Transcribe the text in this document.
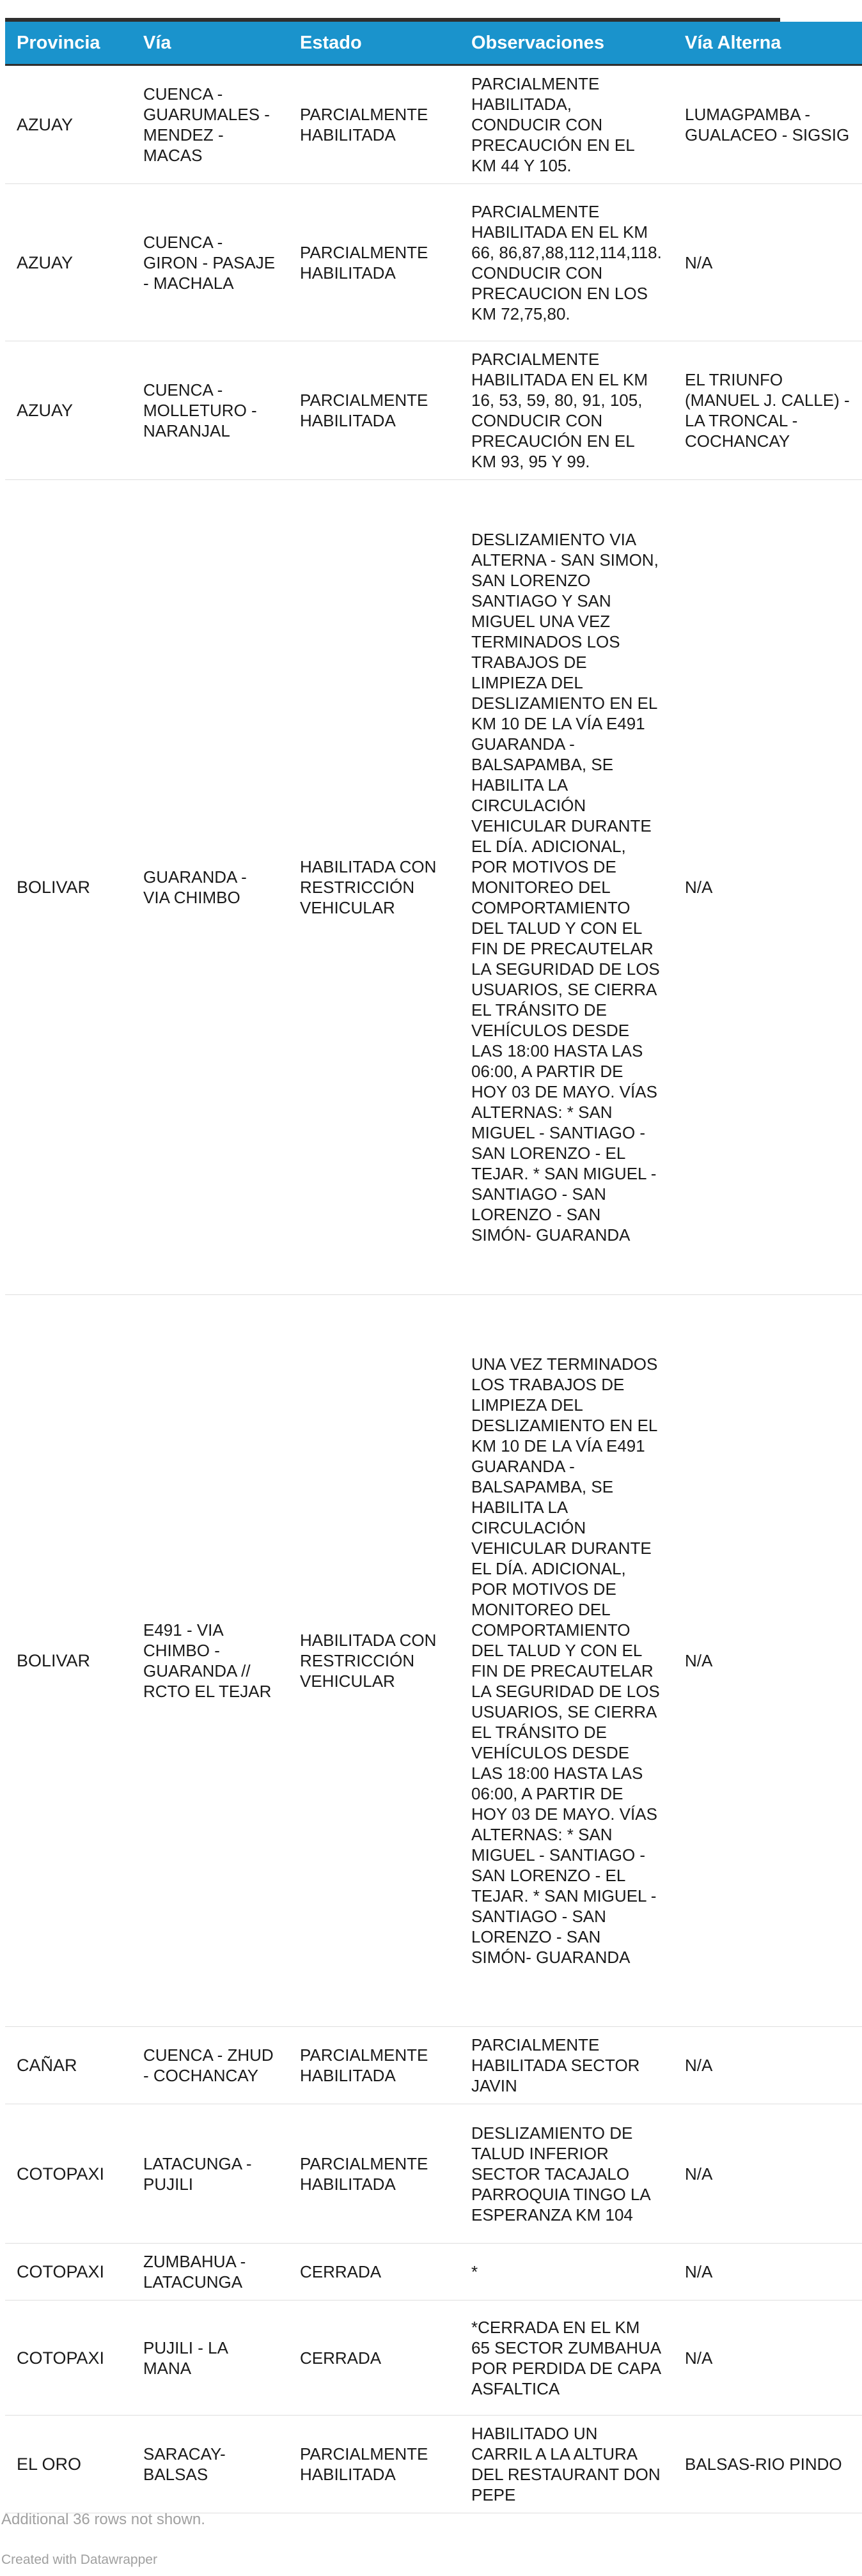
Provincia	Vía	Estado	Observaciones	Vía Alterna
AZUAY	CUENCA - GUARUMALES - MENDEZ - MACAS	PARCIALMENTE HABILITADA	PARCIALMENTE HABILITADA, CONDUCIR CON PRECAUCIÓN EN EL KM 44 Y 105.	LUMAGPAMBA - GUALACEO - SIGSIG
AZUAY	CUENCA - GIRON - PASAJE - MACHALA	PARCIALMENTE HABILITADA	PARCIALMENTE HABILITADA EN EL KM 66, 86,87,88,112,114,118. CONDUCIR CON PRECAUCION EN LOS KM 72,75,80.	N/A
AZUAY	CUENCA - MOLLETURO - NARANJAL	PARCIALMENTE HABILITADA	PARCIALMENTE HABILITADA EN EL KM 16, 53, 59, 80, 91, 105, CONDUCIR CON PRECAUCIÓN EN EL KM 93, 95 Y 99.	EL TRIUNFO (MANUEL J. CALLE) - LA TRONCAL - COCHANCAY
BOLIVAR	GUARANDA - VIA CHIMBO	HABILITADA CON RESTRICCIÓN VEHICULAR	DESLIZAMIENTO VIA ALTERNA - SAN SIMON, SAN LORENZO SANTIAGO Y SAN MIGUEL UNA VEZ TERMINADOS LOS TRABAJOS DE LIMPIEZA DEL DESLIZAMIENTO EN EL KM 10 DE LA VÍA E491 GUARANDA - BALSAPAMBA, SE HABILITA LA CIRCULACIÓN VEHICULAR DURANTE EL DÍA. ADICIONAL, POR MOTIVOS DE MONITOREO DEL COMPORTAMIENTO DEL TALUD Y CON EL FIN DE PRECAUTELAR LA SEGURIDAD DE LOS USUARIOS, SE CIERRA EL TRÁNSITO DE VEHÍCULOS DESDE LAS 18:00 HASTA LAS 06:00, A PARTIR DE HOY 03 DE MAYO. VÍAS ALTERNAS: * SAN MIGUEL - SANTIAGO - SAN LORENZO - EL TEJAR. * SAN MIGUEL - SANTIAGO - SAN LORENZO - SAN SIMÓN- GUARANDA	N/A
BOLIVAR	E491 - VIA CHIMBO - GUARANDA // RCTO EL TEJAR	HABILITADA CON RESTRICCIÓN VEHICULAR	UNA VEZ TERMINADOS LOS TRABAJOS DE LIMPIEZA DEL DESLIZAMIENTO EN EL KM 10 DE LA VÍA E491 GUARANDA - BALSAPAMBA, SE HABILITA LA CIRCULACIÓN VEHICULAR DURANTE EL DÍA. ADICIONAL, POR MOTIVOS DE MONITOREO DEL COMPORTAMIENTO DEL TALUD Y CON EL FIN DE PRECAUTELAR LA SEGURIDAD DE LOS USUARIOS, SE CIERRA EL TRÁNSITO DE VEHÍCULOS DESDE LAS 18:00 HASTA LAS 06:00, A PARTIR DE HOY 03 DE MAYO. VÍAS ALTERNAS: * SAN MIGUEL - SANTIAGO - SAN LORENZO - EL TEJAR. * SAN MIGUEL - SANTIAGO - SAN LORENZO - SAN SIMÓN- GUARANDA	N/A
CAÑAR	CUENCA - ZHUD - COCHANCAY	PARCIALMENTE HABILITADA	PARCIALMENTE HABILITADA SECTOR JAVIN	N/A
COTOPAXI	LATACUNGA - PUJILI	PARCIALMENTE HABILITADA	DESLIZAMIENTO DE TALUD INFERIOR SECTOR TACAJALO PARROQUIA TINGO LA ESPERANZA KM 104	N/A
COTOPAXI	ZUMBAHUA - LATACUNGA	CERRADA	*	N/A
COTOPAXI	PUJILI - LA MANA	CERRADA	*CERRADA EN EL KM 65 SECTOR ZUMBAHUA POR PERDIDA DE CAPA ASFALTICA	N/A
EL ORO	SARACAY- BALSAS	PARCIALMENTE HABILITADA	HABILITADO UN CARRIL A LA ALTURA DEL RESTAURANT DON PEPE	BALSAS-RIO PINDO
Additional 36 rows not shown.
Created with Datawrapper
